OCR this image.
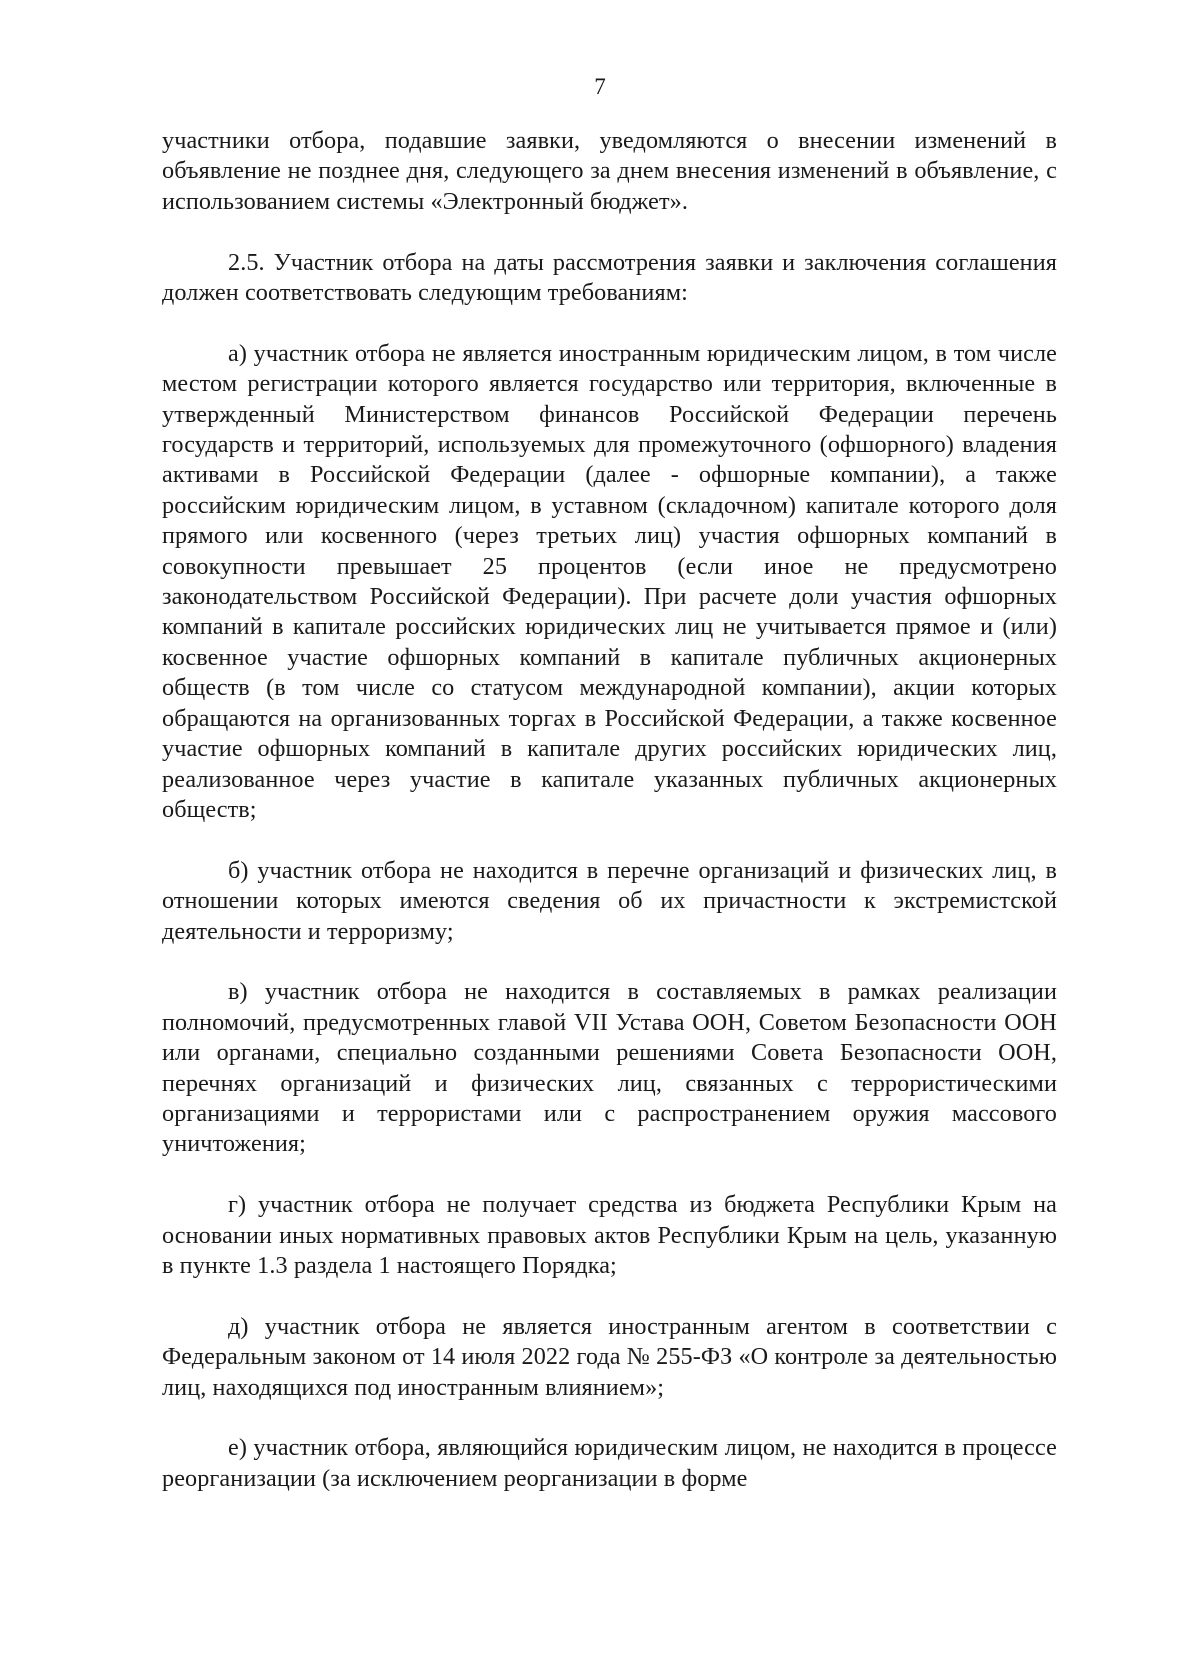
7

участники отбора, подавшие заявки, уведомляются о внесении изменений в объявление не позднее дня, следующего за днем внесения изменений в объявление, с использованием системы «Электронный бюджет».

2.5. Участник отбора на даты рассмотрения заявки и заключения соглашения должен соответствовать следующим требованиям:

а) участник отбора не является иностранным юридическим лицом, в том числе местом регистрации которого является государство или территория, включенные в утвержденный Министерством финансов Российской Федерации перечень государств и территорий, используемых для промежуточного (офшорного) владения активами в Российской Федерации (далее - офшорные компании), а также российским юридическим лицом, в уставном (складочном) капитале которого доля прямого или косвенного (через третьих лиц) участия офшорных компаний в совокупности превышает 25 процентов (если иное не предусмотрено законодательством Российской Федерации). При расчете доли участия офшорных компаний в капитале российских юридических лиц не учитывается прямое и (или) косвенное участие офшорных компаний в капитале публичных акционерных обществ (в том числе со статусом международной компании), акции которых обращаются на организованных торгах в Российской Федерации, а также косвенное участие офшорных компаний в капитале других российских юридических лиц, реализованное через участие в капитале указанных публичных акционерных обществ;

б) участник отбора не находится в перечне организаций и физических лиц, в отношении которых имеются сведения об их причастности к экстремистской деятельности и терроризму;

в) участник отбора не находится в составляемых в рамках реализации полномочий, предусмотренных главой VII Устава ООН, Советом Безопасности ООН или органами, специально созданными решениями Совета Безопасности ООН, перечнях организаций и физических лиц, связанных с террористическими организациями и террористами или с распространением оружия массового уничтожения;

г) участник отбора не получает средства из бюджета Республики Крым на основании иных нормативных правовых актов Республики Крым на цель, указанную в пункте 1.3 раздела 1 настоящего Порядка;

д) участник отбора не является иностранным агентом в соответствии с Федеральным законом от 14 июля 2022 года № 255-ФЗ «О контроле за деятельностью лиц, находящихся под иностранным влиянием»;

е) участник отбора, являющийся юридическим лицом, не находится в процессе реорганизации (за исключением реорганизации в форме
